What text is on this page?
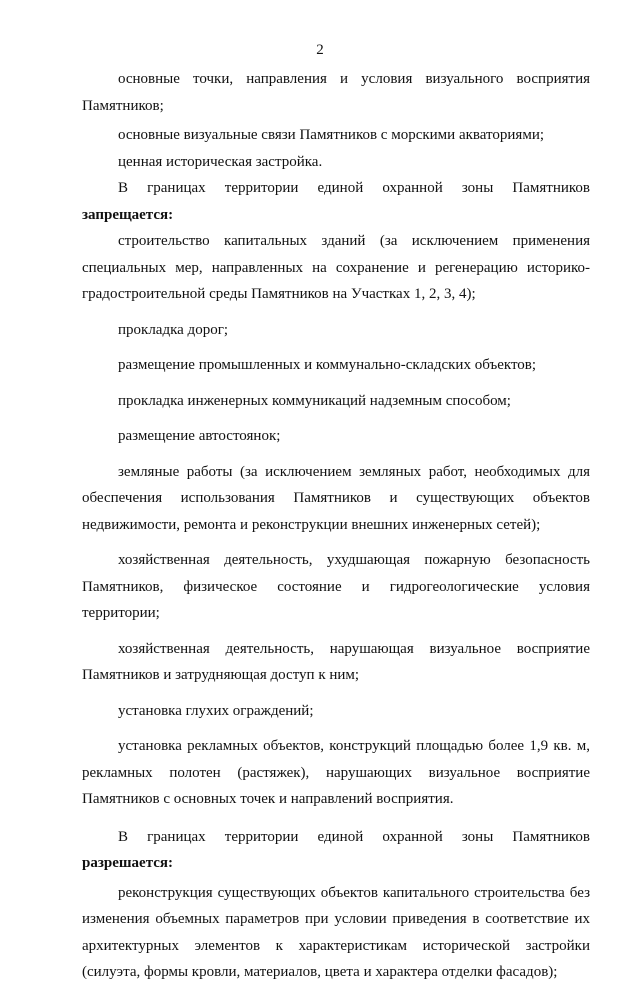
2

основные точки, направления и условия визуального восприятия Памятников;

основные визуальные связи Памятников с морскими акваториями;

ценная историческая застройка.

В границах территории единой охранной зоны Памятников запрещается:

строительство капитальных зданий (за исключением применения специальных мер, направленных на сохранение и регенерацию историко-градостроительной среды Памятников на Участках 1, 2, 3, 4);

прокладка дорог;

размещение промышленных и коммунально-складских объектов;

прокладка инженерных коммуникаций надземным способом;

размещение автостоянок;

земляные работы (за исключением земляных работ, необходимых для обеспечения использования Памятников и существующих объектов недвижимости, ремонта и реконструкции внешних инженерных сетей);

хозяйственная деятельность, ухудшающая пожарную безопасность Памятников, физическое состояние и гидрогеологические условия территории;

хозяйственная деятельность, нарушающая визуальное восприятие Памятников и затрудняющая доступ к ним;

установка глухих ограждений;

установка рекламных объектов, конструкций площадью более 1,9 кв. м, рекламных полотен (растяжек), нарушающих визуальное восприятие Памятников с основных точек и направлений восприятия.

В границах территории единой охранной зоны Памятников разрешается:

реконструкция существующих объектов капитального строительства без изменения объемных параметров при условии приведения в соответствие их архитектурных элементов к характеристикам исторической застройки (силуэта, формы кровли, материалов, цвета и характера отделки фасадов);
